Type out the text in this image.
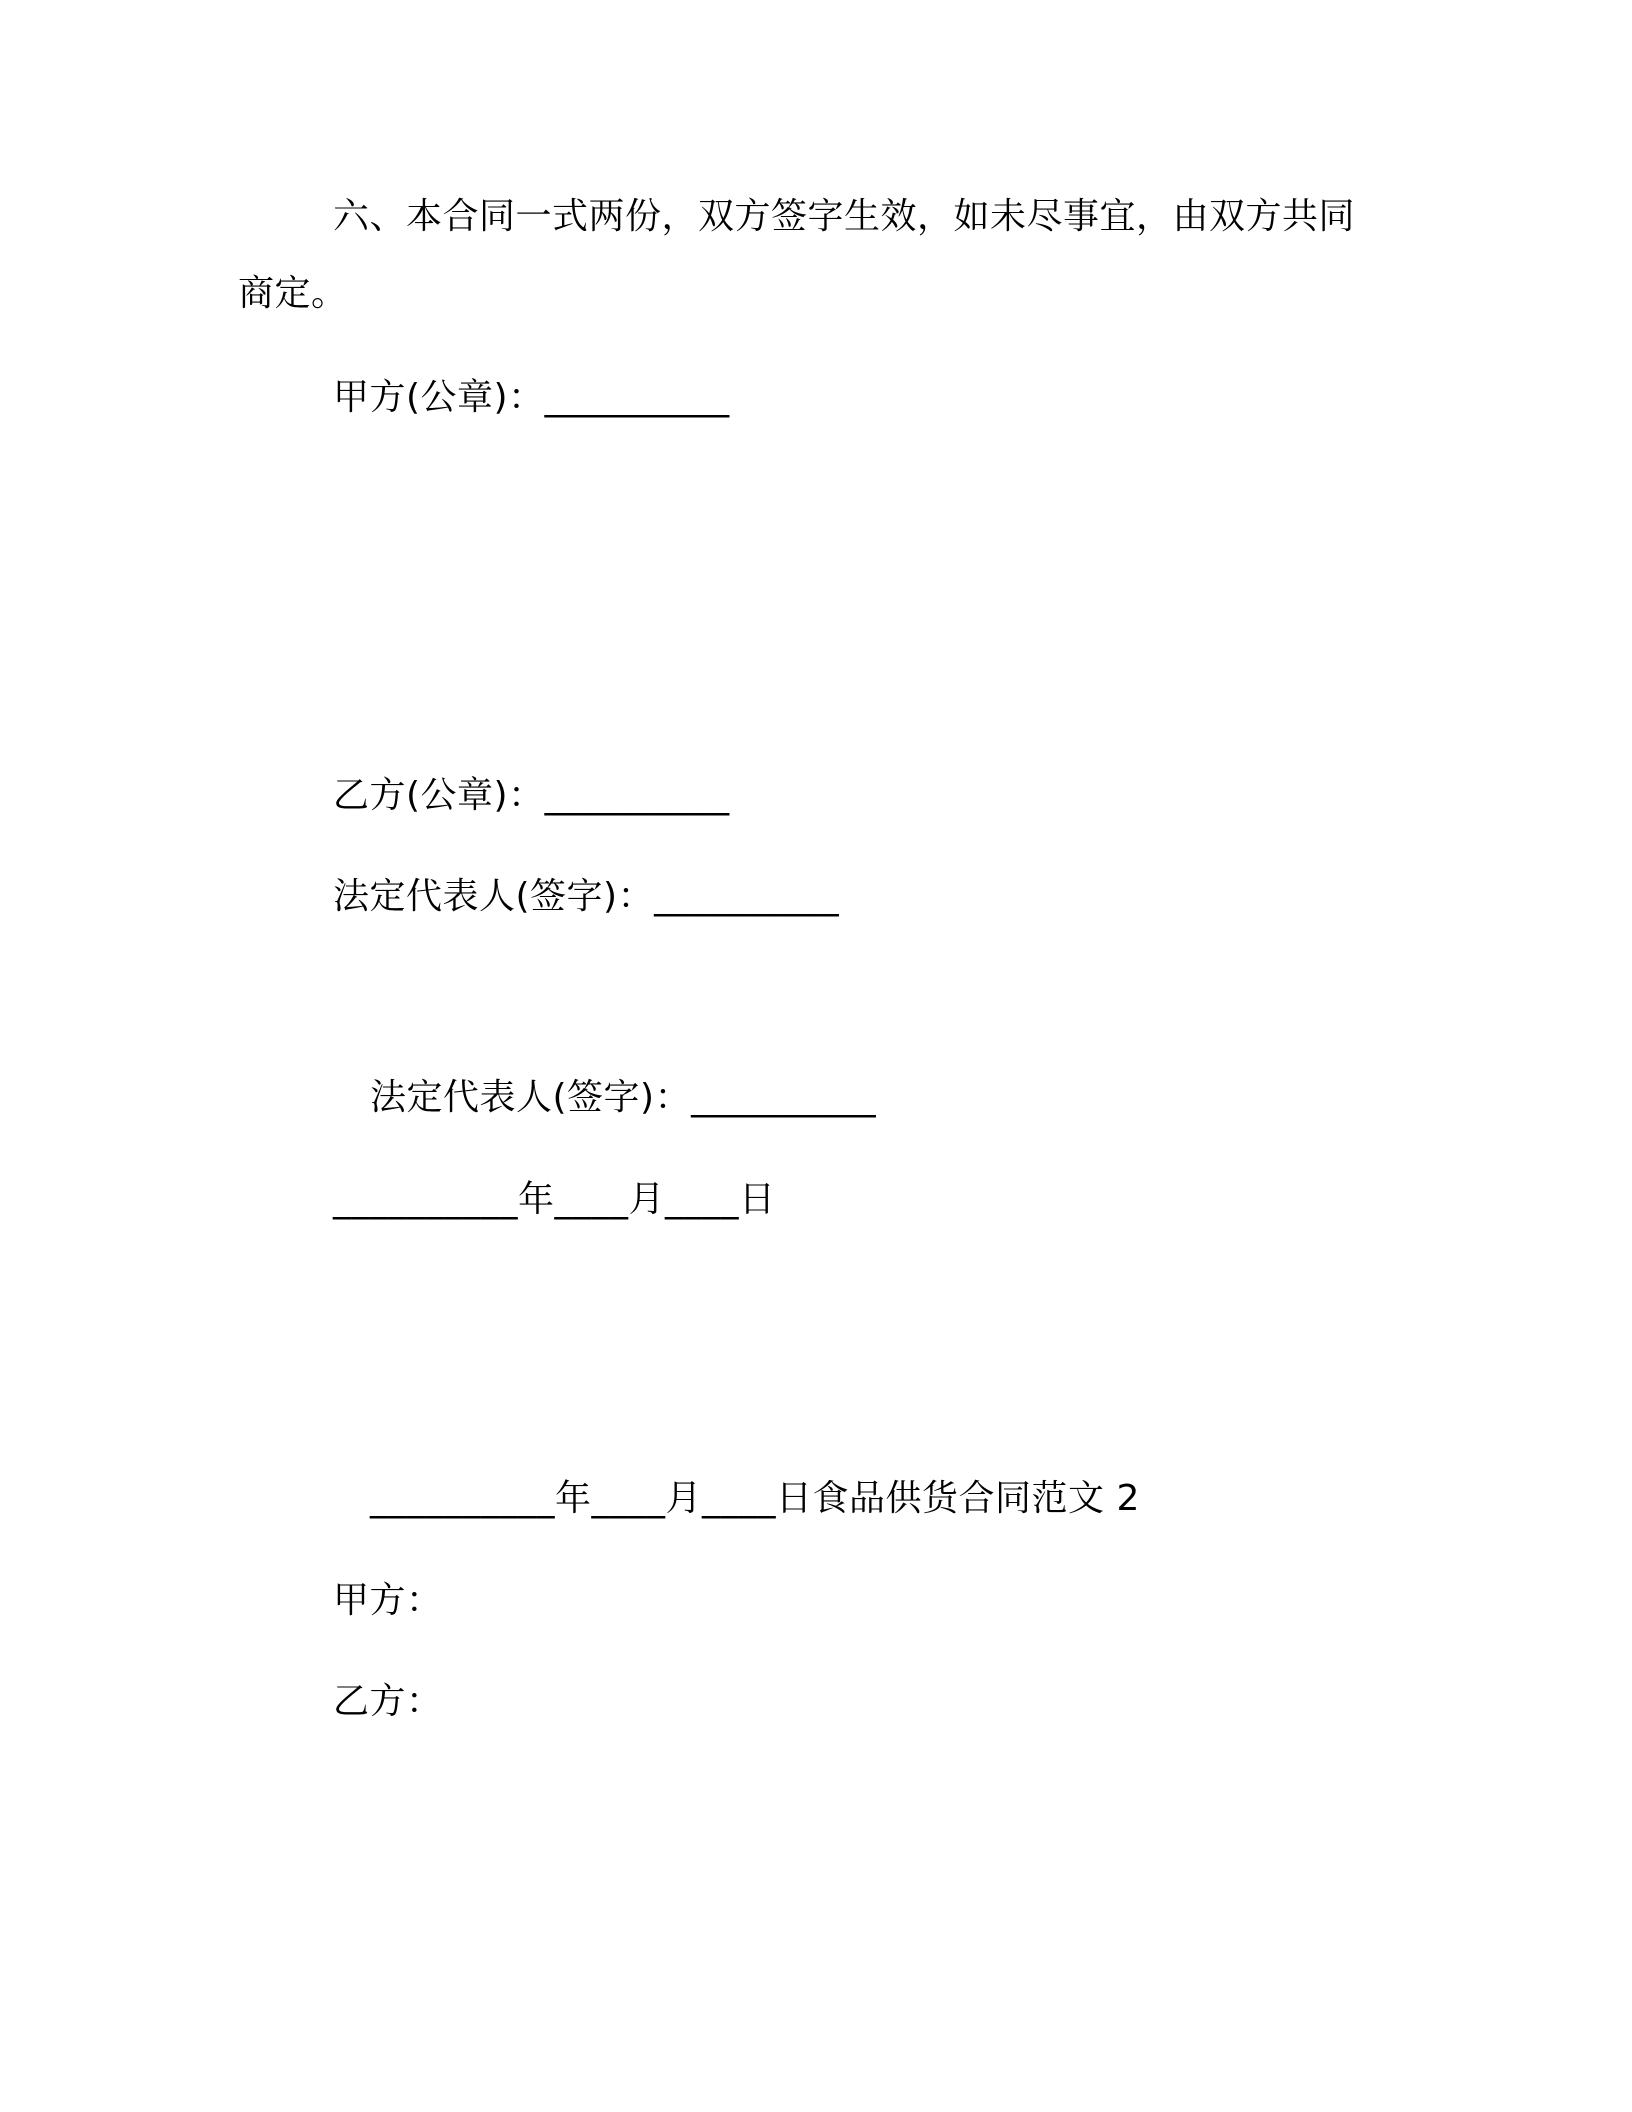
六、本合同一式两份，双方签字生效，如未尽事宜，由双方共同
商定。
甲方(公章)：__________
乙方(公章)：__________
法定代表人(签字)：__________
法定代表人(签字)：__________
__________年____月____日
__________年____月____日食品供货合同范文 2
甲方：
乙方：
